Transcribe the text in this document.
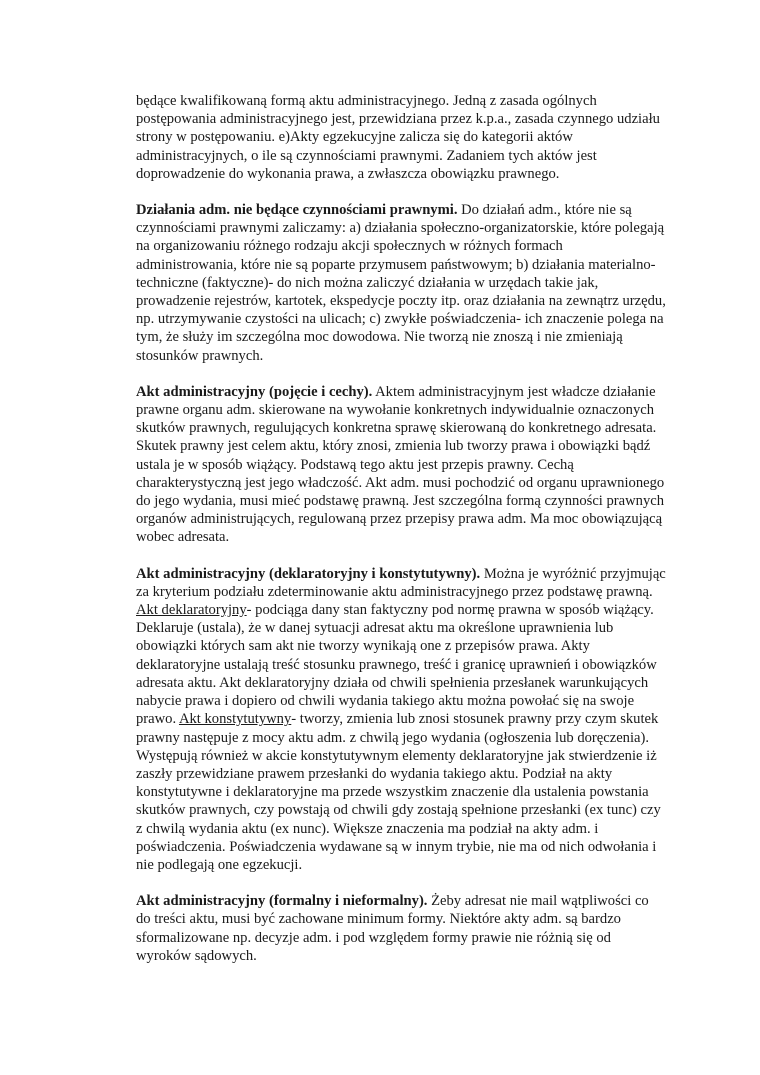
będące kwalifikowaną formą aktu administracyjnego. Jedną z zasada ogólnych postępowania administracyjnego jest, przewidziana przez k.p.a., zasada czynnego udziału strony w postępowaniu. e)Akty egzekucyjne zalicza się do kategorii aktów administracyjnych, o ile są czynnościami prawnymi. Zadaniem tych aktów jest doprowadzenie do wykonania prawa, a zwłaszcza obowiązku prawnego.

Działania adm. nie będące czynnościami prawnymi. Do działań adm., które nie są czynnościami prawnymi zaliczamy: a) działania społeczno-organizatorskie, które polegają na organizowaniu różnego rodzaju akcji społecznych w różnych formach administrowania, które nie są poparte przymusem państwowym; b) działania materialno- techniczne (faktyczne)- do nich można zaliczyć działania w urzędach takie jak, prowadzenie rejestrów, kartotek, ekspedycje poczty itp. oraz działania na zewnątrz urzędu, np. utrzymywanie czystości na ulicach; c) zwykłe poświadczenia- ich znaczenie polega na tym, że służy im szczególna moc dowodowa. Nie tworzą nie znoszą i nie zmieniają stosunków prawnych.

Akt administracyjny (pojęcie i cechy). Aktem administracyjnym jest władcze działanie prawne organu adm. skierowane na wywołanie konkretnych indywidualnie oznaczonych skutków prawnych, regulujących konkretna sprawę skierowaną do konkretnego adresata. Skutek prawny jest celem aktu, który znosi, zmienia lub tworzy prawa i obowiązki bądź ustala je w sposób wiążący. Podstawą tego aktu jest przepis prawny. Cechą charakterystyczną jest jego władczość. Akt adm. musi pochodzić od organu uprawnionego do jego wydania, musi mieć podstawę prawną. Jest szczególna formą czynności prawnych organów administrujących, regulowaną przez przepisy prawa adm. Ma moc obowiązującą wobec adresata.

Akt administracyjny (deklaratoryjny i konstytutywny). Można je wyróżnić przyjmując za kryterium podziału zdeterminowanie aktu administracyjnego przez podstawę prawną. Akt deklaratoryjny- podciąga dany stan faktyczny pod normę prawna w sposób wiążący. Deklaruje (ustala), że w danej sytuacji adresat aktu ma określone uprawnienia lub obowiązki których sam akt nie tworzy wynikają one z przepisów prawa. Akty deklaratoryjne ustalają treść stosunku prawnego, treść i granicę uprawnień i obowiązków adresata aktu. Akt deklaratoryjny działa od chwili spełnienia przesłanek warunkujących nabycie prawa i dopiero od chwili wydania takiego aktu można powołać się na swoje prawo. Akt konstytutywny- tworzy, zmienia lub znosi stosunek prawny przy czym skutek prawny następuje z mocy aktu adm. z chwilą jego wydania (ogłoszenia lub doręczenia). Występują również w akcie konstytutywnym elementy deklaratoryjne jak stwierdzenie iż zaszły przewidziane prawem przesłanki do wydania takiego aktu. Podział na akty konstytutywne i deklaratoryjne ma przede wszystkim znaczenie dla ustalenia powstania skutków prawnych, czy powstają od chwili gdy zostają spełnione przesłanki (ex tunc) czy z chwilą wydania aktu (ex nunc). Większe znaczenia ma podział na akty adm. i poświadczenia. Poświadczenia wydawane są w innym trybie, nie ma od nich odwołania i nie podlegają one egzekucji.

Akt administracyjny (formalny i nieformalny). Żeby adresat nie mail wątpliwości co do treści aktu, musi być zachowane minimum formy. Niektóre akty adm. są bardzo sformalizowane np. decyzje adm. i pod względem formy prawie nie różnią się od wyroków sądowych.
